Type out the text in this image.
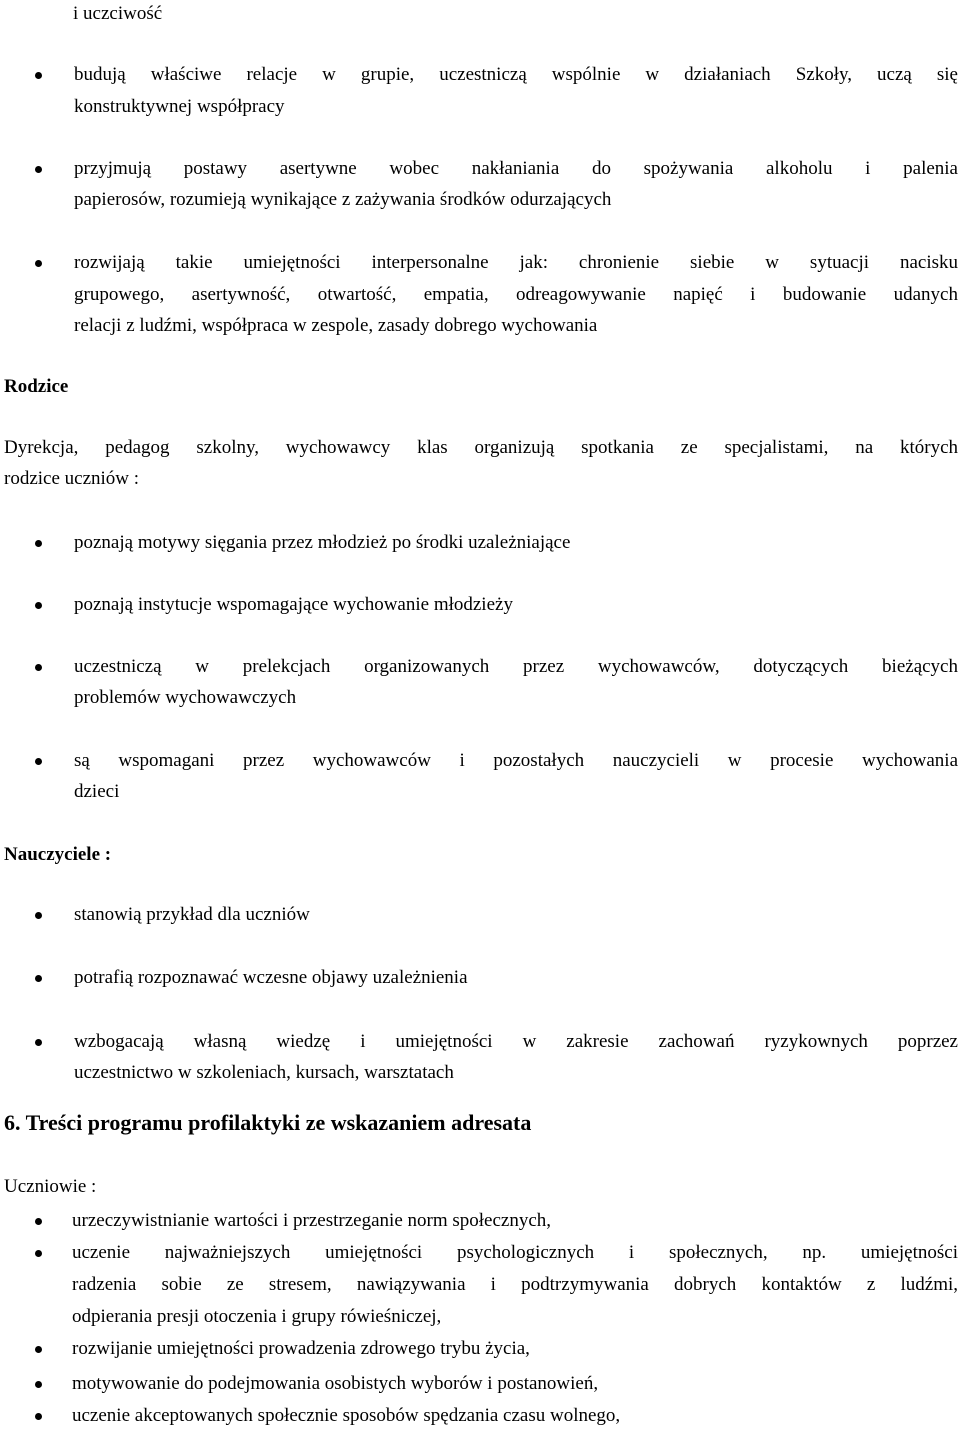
i uczciwość
budują właściwe relacje w grupie, uczestniczą wspólnie w działaniach Szkoły, uczą się
konstruktywnej współpracy
przyjmują postawy asertywne wobec nakłaniania do spożywania alkoholu i palenia
papierosów, rozumieją wynikające z zażywania środków odurzających
rozwijają takie umiejętności interpersonalne jak: chronienie siebie w sytuacji nacisku
grupowego, asertywność, otwartość, empatia, odreagowywanie napięć i budowanie udanych
relacji z ludźmi, współpraca w zespole, zasady dobrego wychowania
Rodzice
Dyrekcja, pedagog szkolny, wychowawcy klas organizują spotkania ze specjalistami, na których
rodzice uczniów :
poznają motywy sięgania przez młodzież po środki uzależniające
poznają instytucje wspomagające wychowanie młodzieży
uczestniczą w prelekcjach organizowanych przez wychowawców, dotyczących bieżących
problemów wychowawczych
są wspomagani przez wychowawców i pozostałych nauczycieli w procesie wychowania
dzieci
Nauczyciele :
stanowią przykład dla uczniów
potrafią rozpoznawać wczesne objawy uzależnienia
wzbogacają własną wiedzę i umiejętności w zakresie zachowań ryzykownych poprzez
uczestnictwo w szkoleniach, kursach, warsztatach
6. Treści programu profilaktyki ze wskazaniem adresata
Uczniowie :
urzeczywistnianie wartości i przestrzeganie norm społecznych,
uczenie najważniejszych umiejętności psychologicznych i społecznych, np. umiejętności
radzenia sobie ze stresem, nawiązywania i podtrzymywania dobrych kontaktów z ludźmi,
odpierania presji otoczenia i grupy rówieśniczej,
rozwijanie umiejętności prowadzenia zdrowego trybu życia,
motywowanie do podejmowania osobistych wyborów i postanowień,
uczenie akceptowanych społecznie sposobów spędzania czasu wolnego,
